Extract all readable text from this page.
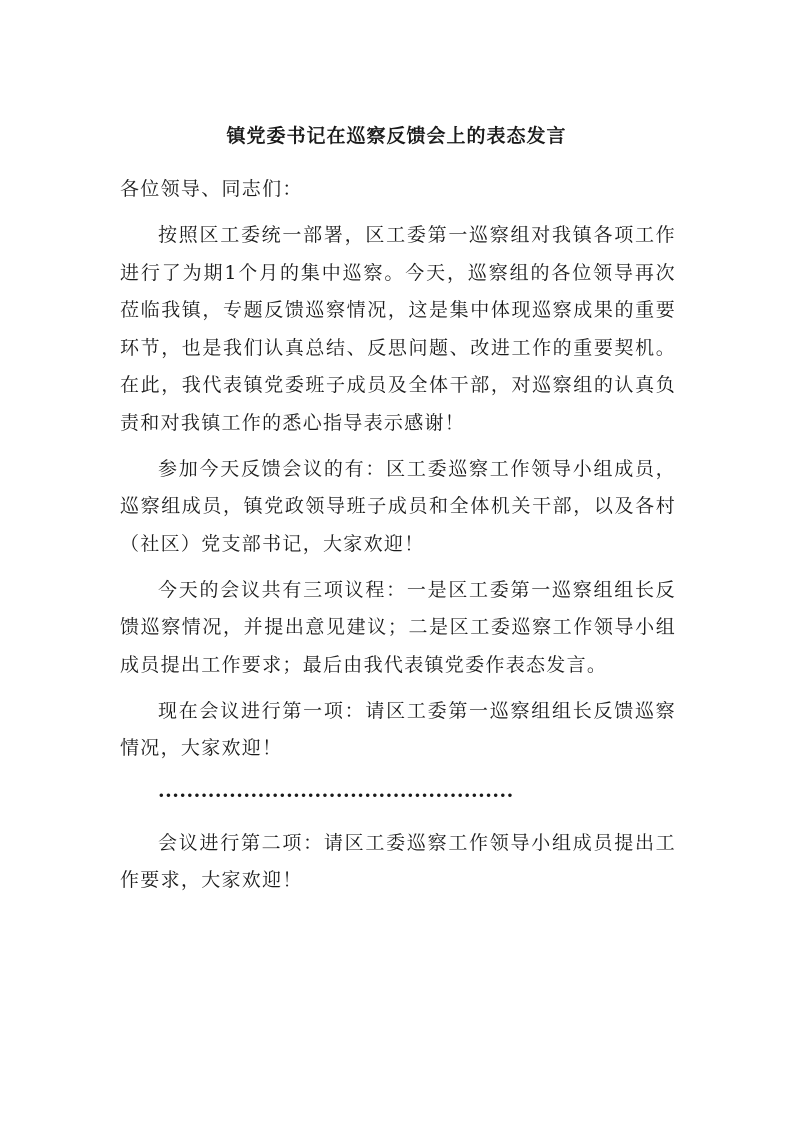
镇党委书记在巡察反馈会上的表态发言

各位领导、同志们：

按照区工委统一部署，区工委第一巡察组对我镇各项工作进行了为期1个月的集中巡察。今天，巡察组的各位领导再次莅临我镇，专题反馈巡察情况，这是集中体现巡察成果的重要环节，也是我们认真总结、反思问题、改进工作的重要契机。在此，我代表镇党委班子成员及全体干部，对巡察组的认真负责和对我镇工作的悉心指导表示感谢！

参加今天反馈会议的有：区工委巡察工作领导小组成员，巡察组成员，镇党政领导班子成员和全体机关干部，以及各村（社区）党支部书记，大家欢迎！

今天的会议共有三项议程：一是区工委第一巡察组组长反馈巡察情况，并提出意见建议；二是区工委巡察工作领导小组成员提出工作要求；最后由我代表镇党委作表态发言。

现在会议进行第一项：请区工委第一巡察组组长反馈巡察情况，大家欢迎！

··················································

会议进行第二项：请区工委巡察工作领导小组成员提出工作要求，大家欢迎！
